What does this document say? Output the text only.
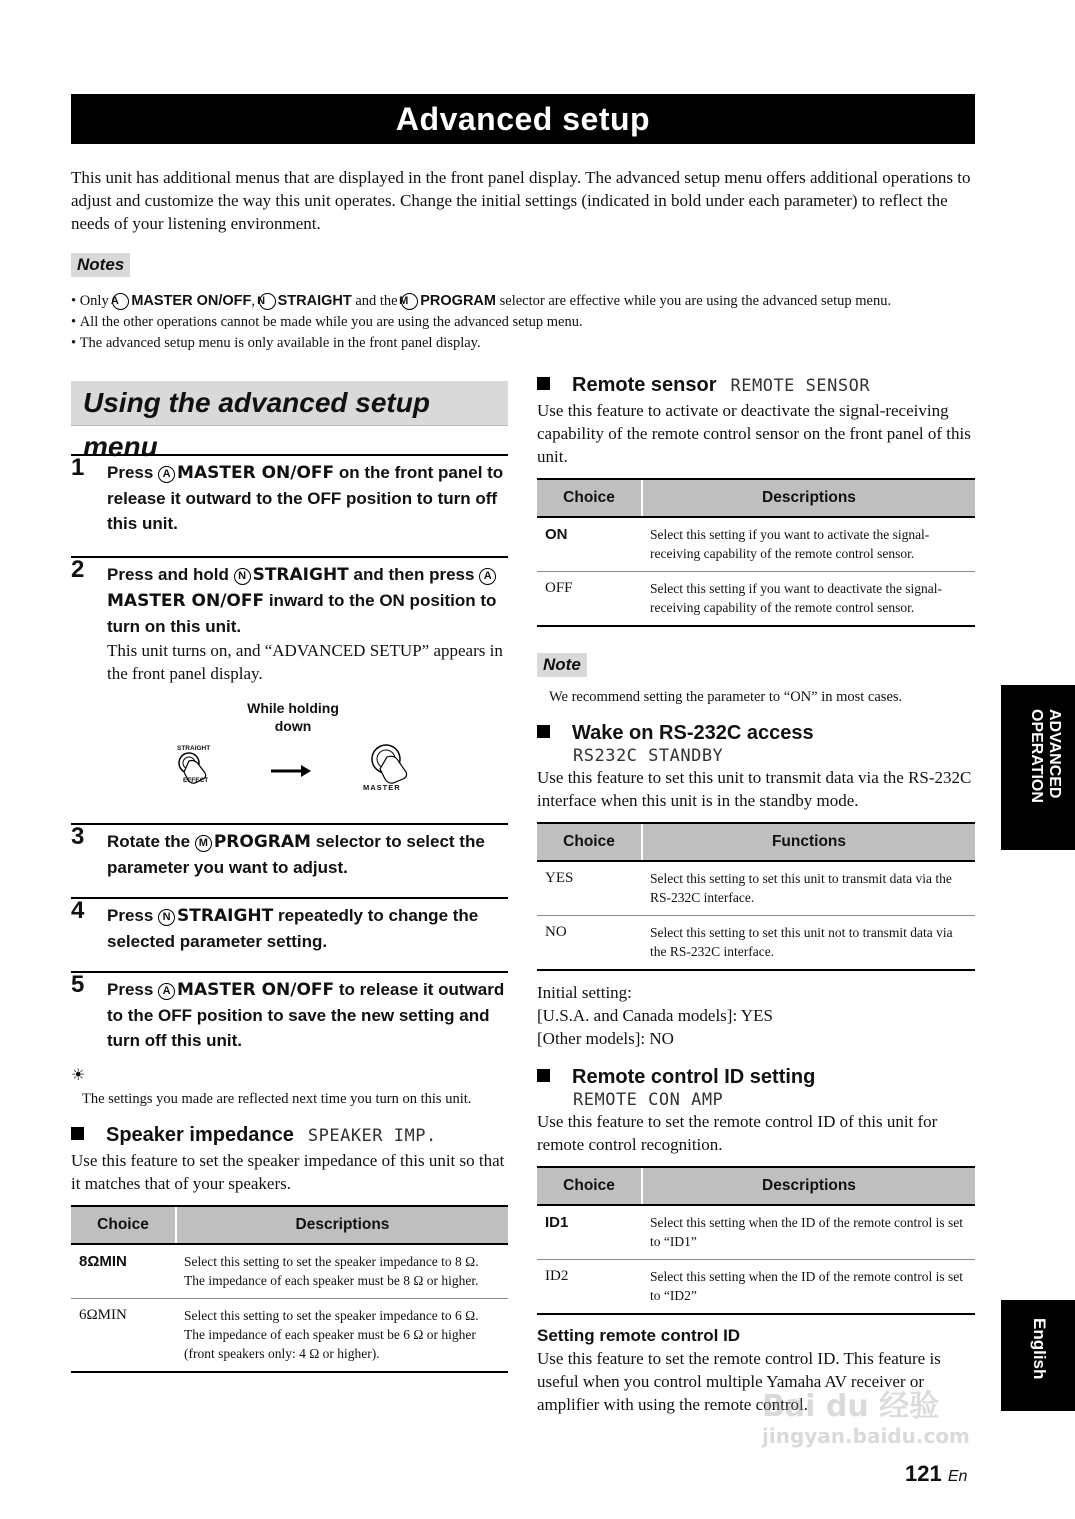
Advanced setup
This unit has additional menus that are displayed in the front panel display. The advanced setup menu offers additional operations to adjust and customize the way this unit operates. Change the initial settings (indicated in bold under each parameter) to reflect the needs of your listening environment.
Notes
• Only A MASTER ON/OFF, N STRAIGHT and the M PROGRAM selector are effective while you are using the advanced setup menu.
• All the other operations cannot be made while you are using the advanced setup menu.
• The advanced setup menu is only available in the front panel display.
Using the advanced setup menu
1 Press A MASTER ON/OFF on the front panel to release it outward to the OFF position to turn off this unit.
2 Press and hold N STRAIGHT and then press AMASTER ON/OFF inward to the ON position to turn on this unit.
This unit turns on, and “ADVANCED SETUP” appears in the front panel display.
While holding down
STRAIGHT
EFFECT
MASTER
3 Rotate the M PROGRAM selector to select the parameter you want to adjust.
4 Press N STRAIGHT repeatedly to change the selected parameter setting.
5 Press A MASTER ON/OFF to release it outward to the OFF position to save the new setting and turn off this unit.
☀
The settings you made are reflected next time you turn on this unit.
Speaker impedance SPEAKER IMP.
Use this feature to set the speaker impedance of this unit so that it matches that of your speakers.
Choice	Descriptions
8ΩMIN	Select this setting to set the speaker impedance to 8 Ω. The impedance of each speaker must be 8 Ω or higher.
6ΩMIN	Select this setting to set the speaker impedance to 6 Ω. The impedance of each speaker must be 6 Ω or higher (front speakers only: 4 Ω or higher).
Remote sensor REMOTE SENSOR
Use this feature to activate or deactivate the signal-receiving capability of the remote control sensor on the front panel of this unit.
Choice	Descriptions
ON	Select this setting if you want to activate the signal-receiving capability of the remote control sensor.
OFF	Select this setting if you want to deactivate the signal-receiving capability of the remote control sensor.
Note
We recommend setting the parameter to “ON” in most cases.
Wake on RS-232C access
RS232C STANDBY
Use this feature to set this unit to transmit data via the RS-232C interface when this unit is in the standby mode.
Choice	Functions
YES	Select this setting to set this unit to transmit data via the RS-232C interface.
NO	Select this setting to set this unit not to transmit data via the RS-232C interface.
Initial setting:
[U.S.A. and Canada models]: YES
[Other models]: NO
Remote control ID setting
REMOTE CON AMP
Use this feature to set the remote control ID of this unit for remote control recognition.
Choice	Descriptions
ID1	Select this setting when the ID of the remote control is set to “ID1”
ID2	Select this setting when the ID of the remote control is set to “ID2”
Setting remote control ID
Use this feature to set the remote control ID. This feature is useful when you control multiple Yamaha AV receiver or amplifier with using the remote control.
ADVANCED
OPERATION
English
Bai du 经验
jingyan.baidu.com
121 En
